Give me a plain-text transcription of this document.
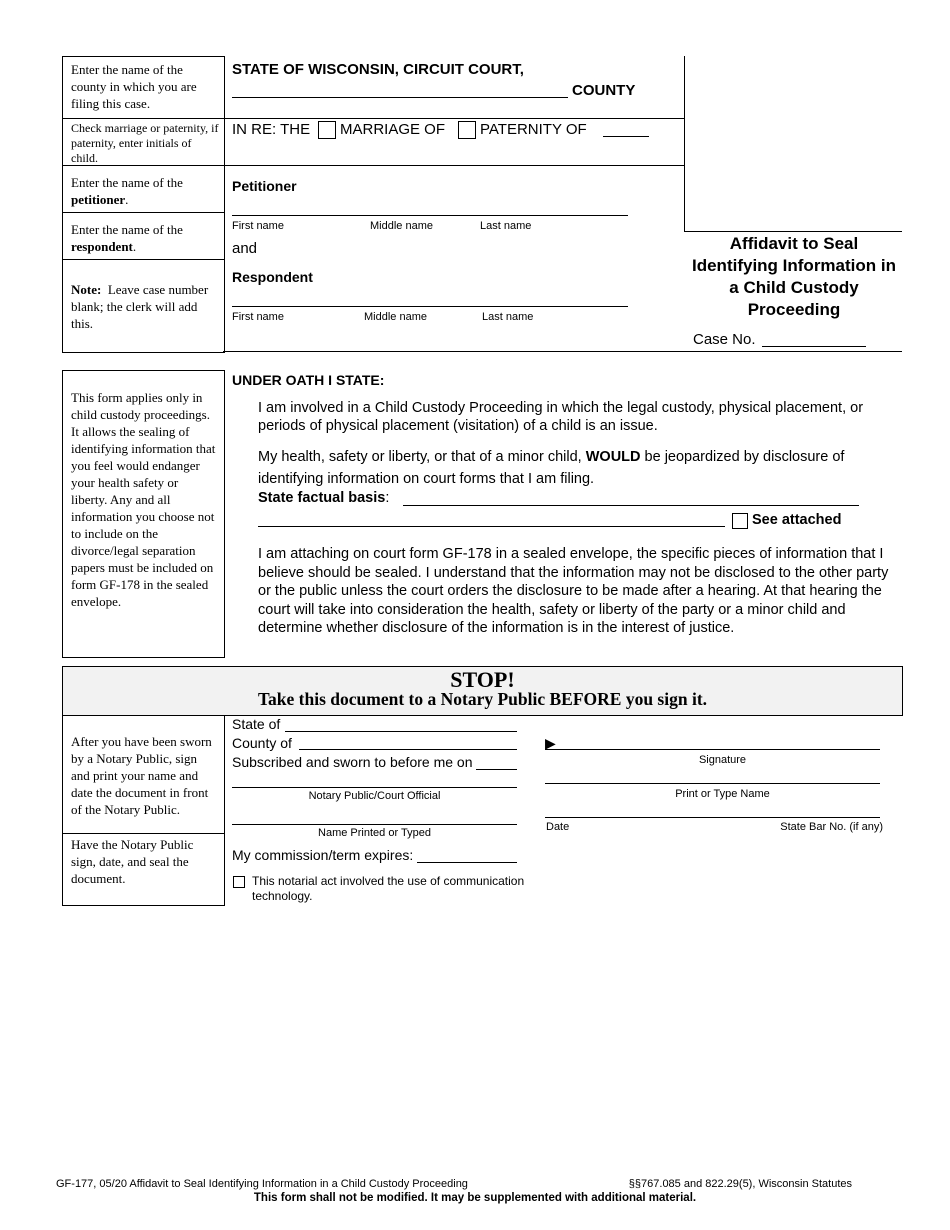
Enter the name of the county in which you are filing this case.
Check marriage or paternity, if paternity, enter initials of child.
Enter the name of the
petitioner.
Enter the name of the
respondent.
Note: Leave case number blank; the clerk will add this.
STATE OF WISCONSIN, CIRCUIT COURT,
COUNTY
IN RE: THE MARRIAGE OF PATERNITY OF
Petitioner
First name	Middle name	Last name
and
Respondent
First name	Middle name	Last name
Affidavit to Seal Identifying Information in a Child Custody Proceeding
Case No.
This form applies only in child custody proceedings. It allows the sealing of identifying information that you feel would endanger your health safety or liberty. Any and all information you choose not to include on the divorce/legal separation papers must be included on form GF-178 in the sealed envelope.
UNDER OATH I STATE:
I am involved in a Child Custody Proceeding in which the legal custody, physical placement, or periods of physical placement (visitation) of a child is an issue.
My health, safety or liberty, or that of a minor child, WOULD be jeopardized by disclosure of identifying information on court forms that I am filing.
State factual basis:
See attached
I am attaching on court form GF-178 in a sealed envelope, the specific pieces of information that I believe should be sealed. I understand that the information may not be disclosed to the other party or the public unless the court orders the disclosure to be made after a hearing. At that hearing the court will take into consideration the health, safety or liberty of the party or a minor child and determine whether disclosure of the information is in the interest of justice.
STOP!
Take this document to a Notary Public BEFORE you sign it.
After you have been sworn by a Notary Public, sign and print your name and date the document in front of the Notary Public.
Have the Notary Public sign, date, and seal the document.
State of
County of
Subscribed and sworn to before me on
Notary Public/Court Official
Name Printed or Typed
My commission/term expires:
This notarial act involved the use of communication technology.
▶
Signature
Print or Type Name
Date	State Bar No. (if any)
GF-177, 05/20 Affidavit to Seal Identifying Information in a Child Custody Proceeding	§§767.085 and 822.29(5), Wisconsin Statutes
This form shall not be modified. It may be supplemented with additional material.
